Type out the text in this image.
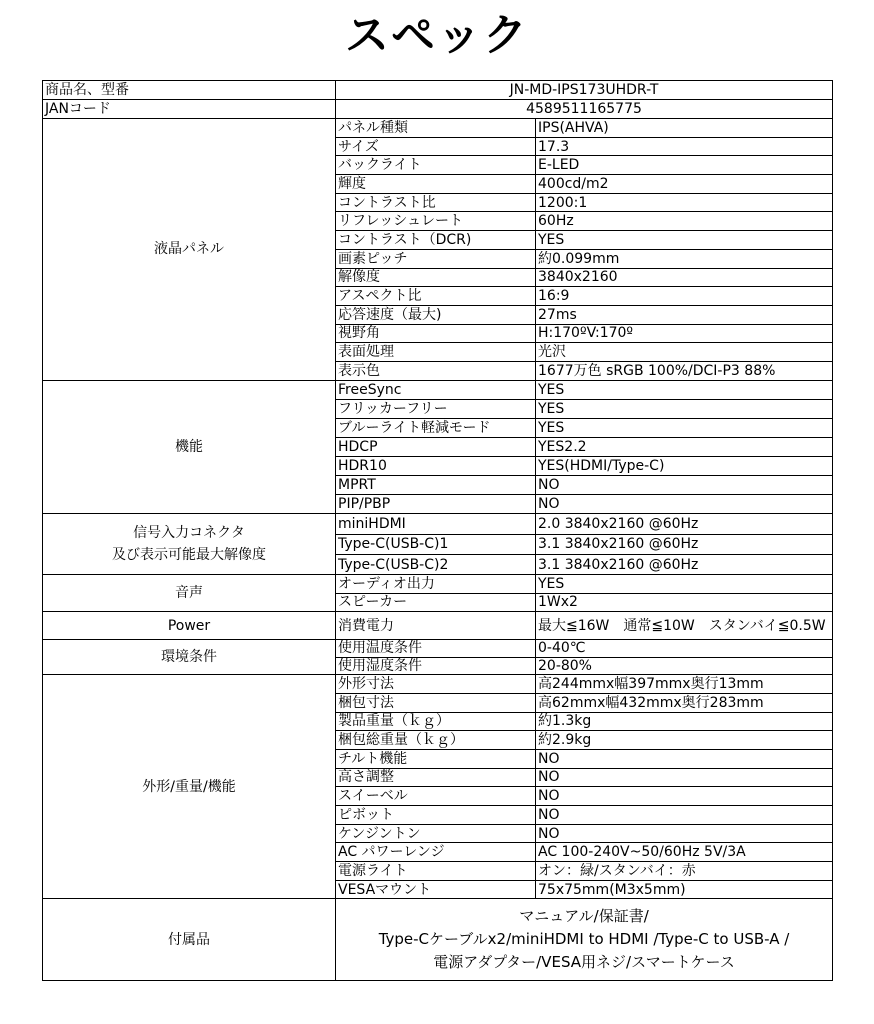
スペック
商品名、型番	JN-MD-IPS173UHDR-T	
JANコード	4589511165775	
液晶パネル	パネル種類	IPS(AHVA)
	サイズ	17.3
	バックライト	E-LED
	輝度	400cd/m2
	コントラスト比	1200:1
	リフレッシュレート	60Hz
	コントラスト（DCR)	YES
	画素ピッチ	約0.099mm
	解像度	3840x2160
	アスペクト比	16:9
	応答速度（最大)	27ms
	視野角	H:170ºV:170º
	表面処理	光沢
	表示色	1677万色 sRGB 100%/DCI-P3 88%
機能	FreeSync	YES
	フリッカーフリー	YES
	ブルーライト軽減モード	YES
	HDCP	YES2.2
	HDR10	YES(HDMI/Type-C)
	MPRT	NO
	PIP/PBP	NO
信号入力コネクタ
及び表示可能最大解像度	miniHDMI	2.0 3840x2160 @60Hz
	Type-C(USB-C)1	3.1 3840x2160 @60Hz
	Type-C(USB-C)2	3.1 3840x2160 @60Hz
音声	オーディオ出力	YES
	スピーカー	1Wx2
Power	消費電力	最大≦16W　通常≦10W　スタンバイ≦0.5W
環境条件	使用温度条件	0-40℃
	使用湿度条件	20-80%
外形/重量/機能	外形寸法	高244mmx幅397mmx奥行13mm
	梱包寸法	高62mmx幅432mmx奥行283mm
	製品重量（ｋｇ）	約1.3kg
	梱包総重量（ｋｇ）	約2.9kg
	チルト機能	NO
	高さ調整	NO
	スイーベル	NO
	ピボット	NO
	ケンジントン	NO
	AC パワーレンジ	AC 100-240V~50/60Hz 5V/3A
	電源ライト	オン：緑/スタンバイ：赤
	VESAマウント	75x75mm(M3x5mm)
付属品	マニュアル/保証書/
Type-Cケーブルx2/miniHDMI to HDMI /Type-C to USB-A /
電源アダプター/VESA用ネジ/スマートケース	
